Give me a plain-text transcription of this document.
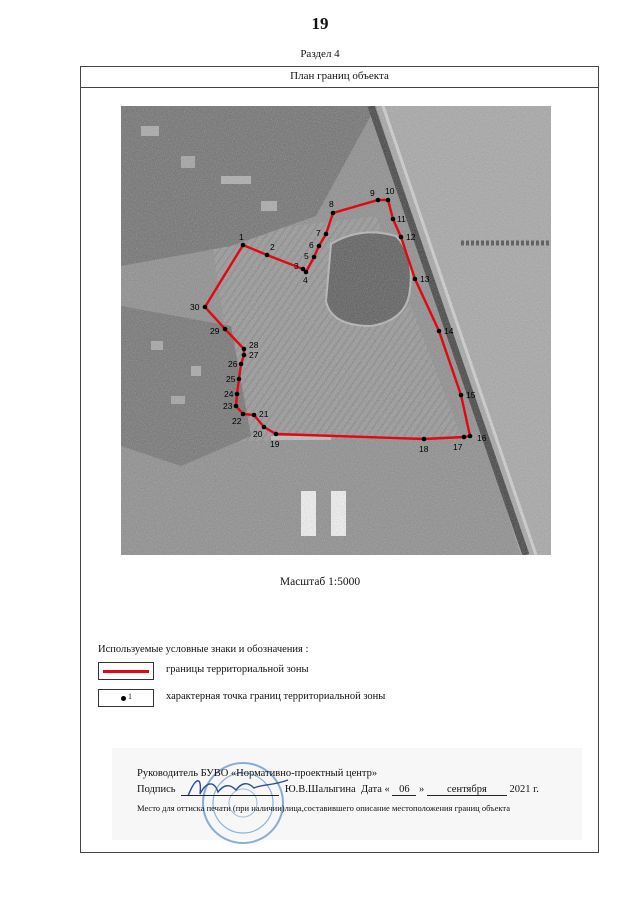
19
Раздел 4
План границ объекта
1
2
3
4
5
6
7
8
9 10
11
12
13
14
15
16
17
18
19
20
21
22
23
24
25
26
27
28
29
30
Масштаб 1:5000
Используемые условные знаки и обозначения :
границы территориальной зоны
1	характерная точка границ территориальной зоны
Руководитель БУВО «Нормативно-проектный центр»
Подпись	Ю.В.Шалыгина Дата « 06 » сентября 2021 г.
Место для оттиска печати (при наличии)лица,составившего описание местоположения границ объекта
